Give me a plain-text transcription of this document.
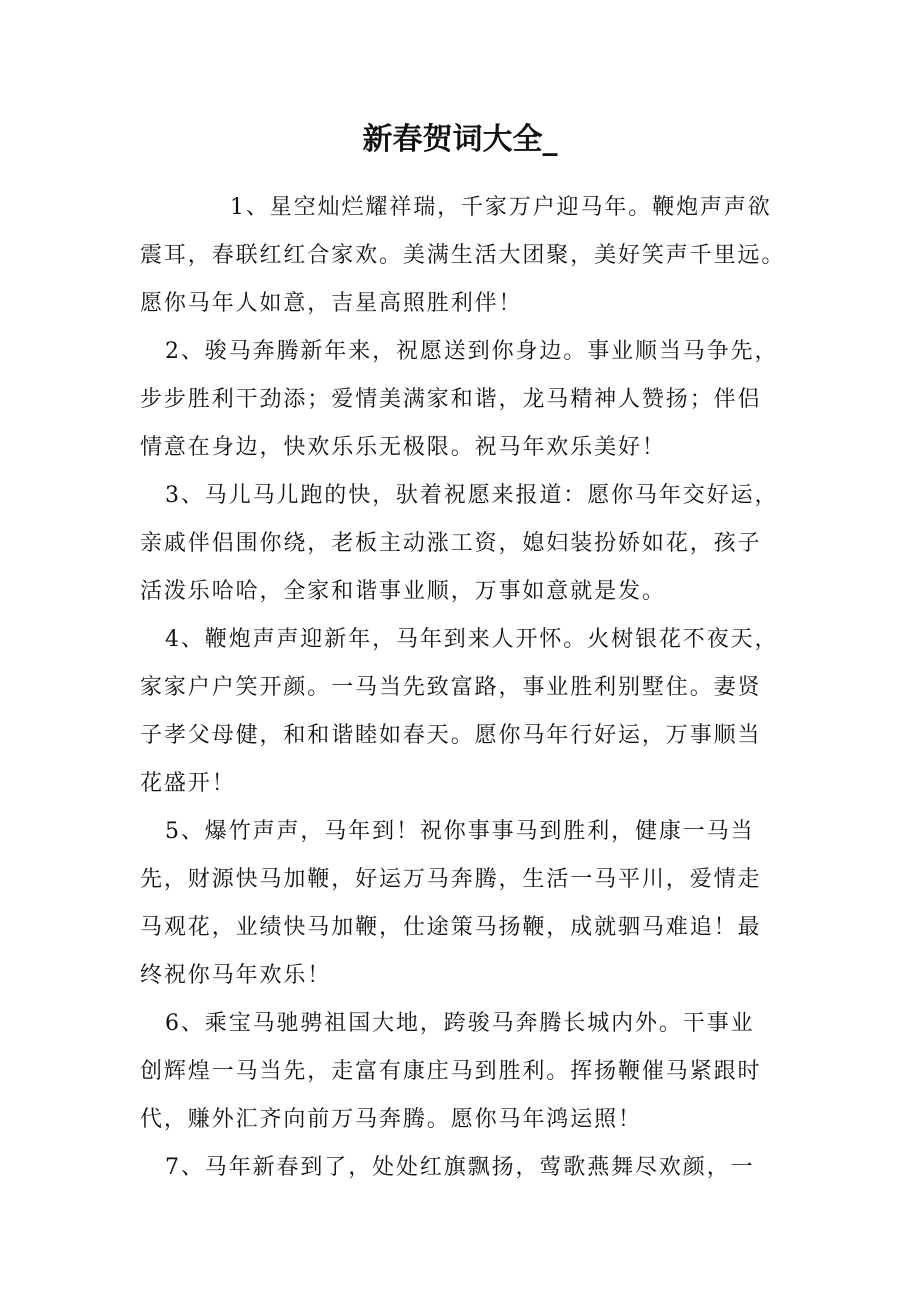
新春贺词大全_
1、星空灿烂耀祥瑞，千家万户迎马年。鞭炮声声欲
震耳，春联红红合家欢。美满生活大团聚，美好笑声千里远。
愿你马年人如意，吉星高照胜利伴！
2、骏马奔腾新年来，祝愿送到你身边。事业顺当马争先，
步步胜利干劲添；爱情美满家和谐，龙马精神人赞扬；伴侣
情意在身边，快欢乐乐无极限。祝马年欢乐美好！
3、马儿马儿跑的快，驮着祝愿来报道：愿你马年交好运，
亲戚伴侣围你绕，老板主动涨工资，媳妇装扮娇如花，孩子
活泼乐哈哈，全家和谐事业顺，万事如意就是发。
4、鞭炮声声迎新年，马年到来人开怀。火树银花不夜天，
家家户户笑开颜。一马当先致富路，事业胜利别墅住。妻贤
子孝父母健，和和谐睦如春天。愿你马年行好运，万事顺当
花盛开！
5、爆竹声声，马年到！祝你事事马到胜利，健康一马当
先，财源快马加鞭，好运万马奔腾，生活一马平川，爱情走
马观花，业绩快马加鞭，仕途策马扬鞭，成就驷马难追！最
终祝你马年欢乐！
6、乘宝马驰骋祖国大地，跨骏马奔腾长城内外。干事业
创辉煌一马当先，走富有康庄马到胜利。挥扬鞭催马紧跟时
代，赚外汇齐向前万马奔腾。愿你马年鸿运照！
7、马年新春到了，处处红旗飘扬，莺歌燕舞尽欢颜，一
